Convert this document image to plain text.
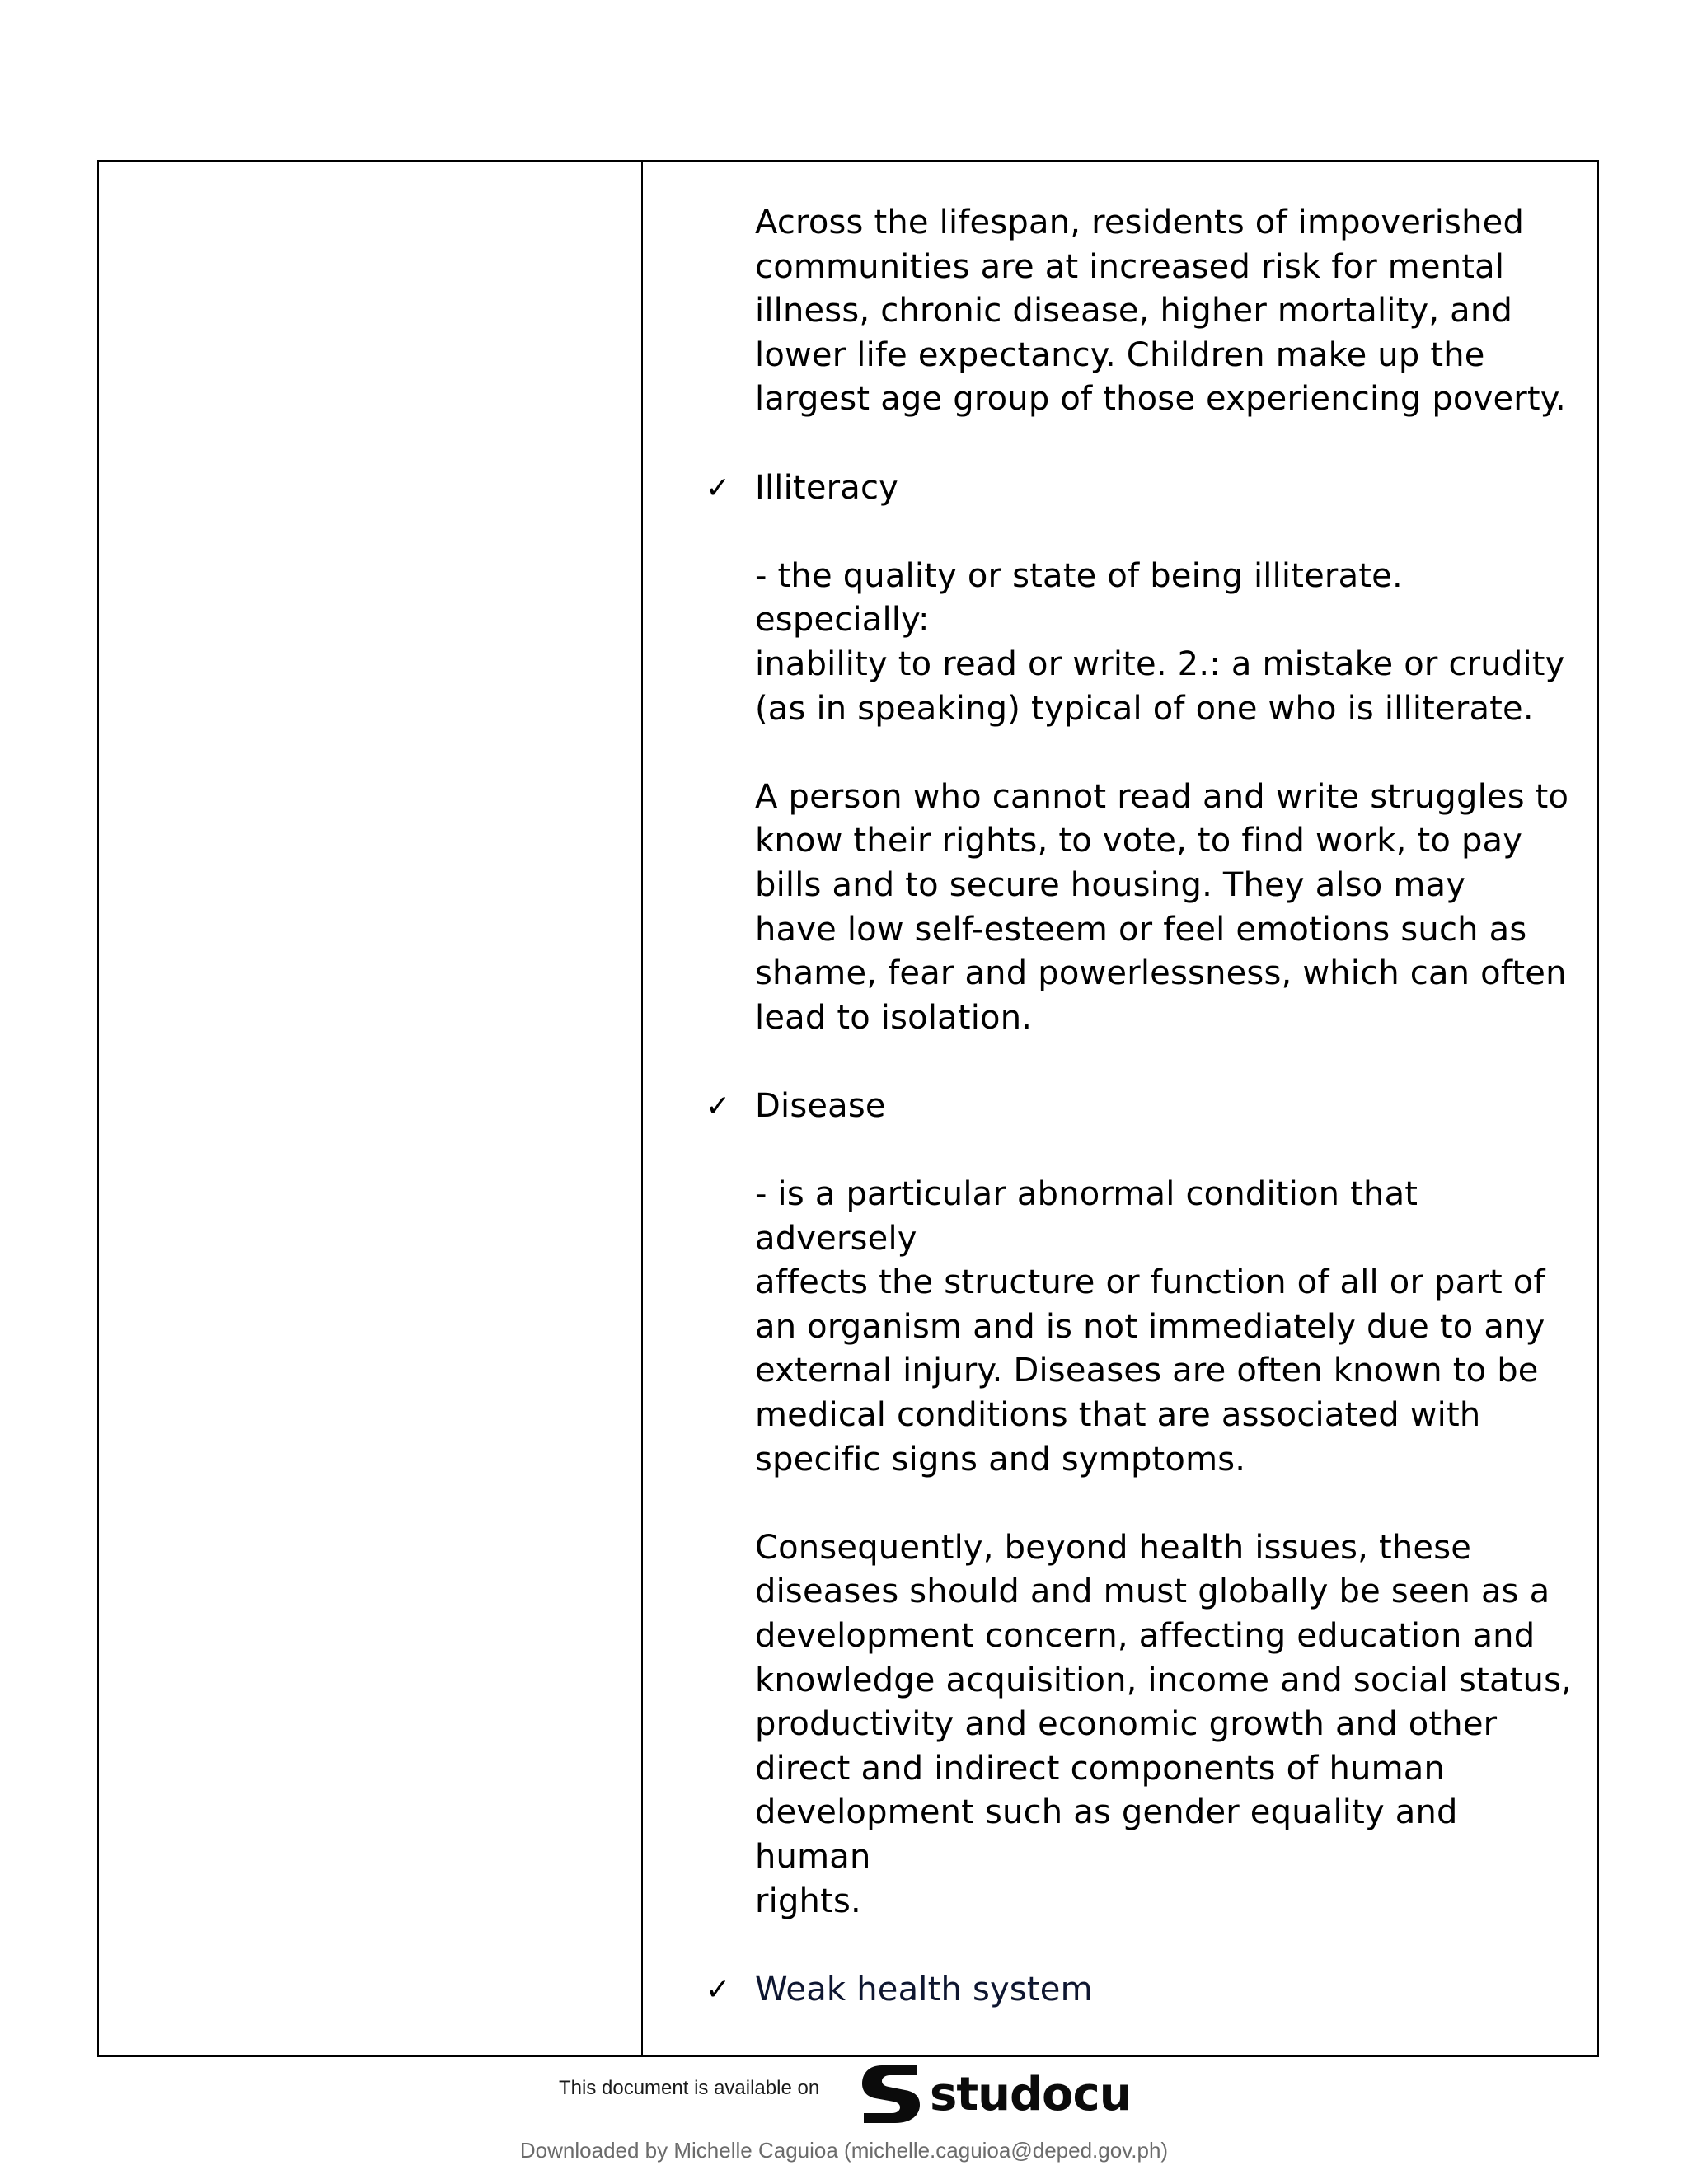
Across the lifespan, residents of impoverished
communities are at increased risk for mental
illness, chronic disease, higher mortality, and
lower life expectancy. Children make up the
largest age group of those experiencing poverty.

✓ Illiteracy

- the quality or state of being illiterate. especially:
inability to read or write. 2.: a mistake or crudity
(as in speaking) typical of one who is illiterate.

A person who cannot read and write struggles to
know their rights, to vote, to find work, to pay
bills and to secure housing. They also may
have low self-esteem or feel emotions such as
shame, fear and powerlessness, which can often
lead to isolation.

✓ Disease

- is a particular abnormal condition that adversely
affects the structure or function of all or part of
an organism and is not immediately due to any
external injury. Diseases are often known to be
medical conditions that are associated with
specific signs and symptoms.

Consequently, beyond health issues, these
diseases should and must globally be seen as a
development concern, affecting education and
knowledge acquisition, income and social status,
productivity and economic growth and other
direct and indirect components of human
development such as gender equality and human
rights.

✓ Weak health system

This document is available on studocu
Downloaded by Michelle Caguioa (michelle.caguioa@deped.gov.ph)
